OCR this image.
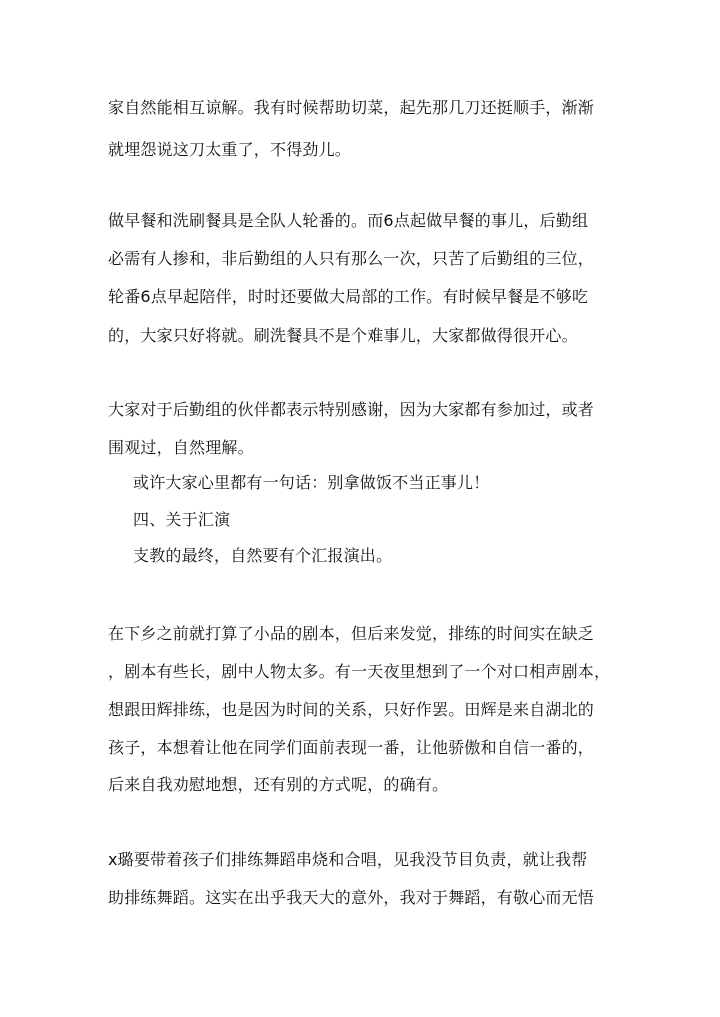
家自然能相互谅解。我有时候帮助切菜，起先那几刀还挺顺手，渐渐
就埋怨说这刀太重了，不得劲儿。
做早餐和洗刷餐具是全队人轮番的。而6点起做早餐的事儿，后勤组
必需有人掺和，非后勤组的人只有那么一次，只苦了后勤组的三位，
轮番6点早起陪伴，时时还要做大局部的工作。有时候早餐是不够吃
的，大家只好将就。刷洗餐具不是个难事儿，大家都做得很开心。
大家对于后勤组的伙伴都表示特别感谢，因为大家都有参加过，或者
围观过，自然理解。
或许大家心里都有一句话：别拿做饭不当正事儿！
四、关于汇演
支教的最终，自然要有个汇报演出。
在下乡之前就打算了小品的剧本，但后来发觉，排练的时间实在缺乏
，剧本有些长，剧中人物太多。有一天夜里想到了一个对口相声剧本，
想跟田辉排练，也是因为时间的关系，只好作罢。田辉是来自湖北的
孩子，本想着让他在同学们面前表现一番，让他骄傲和自信一番的，
后来自我劝慰地想，还有别的方式呢，的确有。
x璐要带着孩子们排练舞蹈串烧和合唱，见我没节目负责，就让我帮
助排练舞蹈。这实在出乎我天大的意外，我对于舞蹈，有敬心而无悟
